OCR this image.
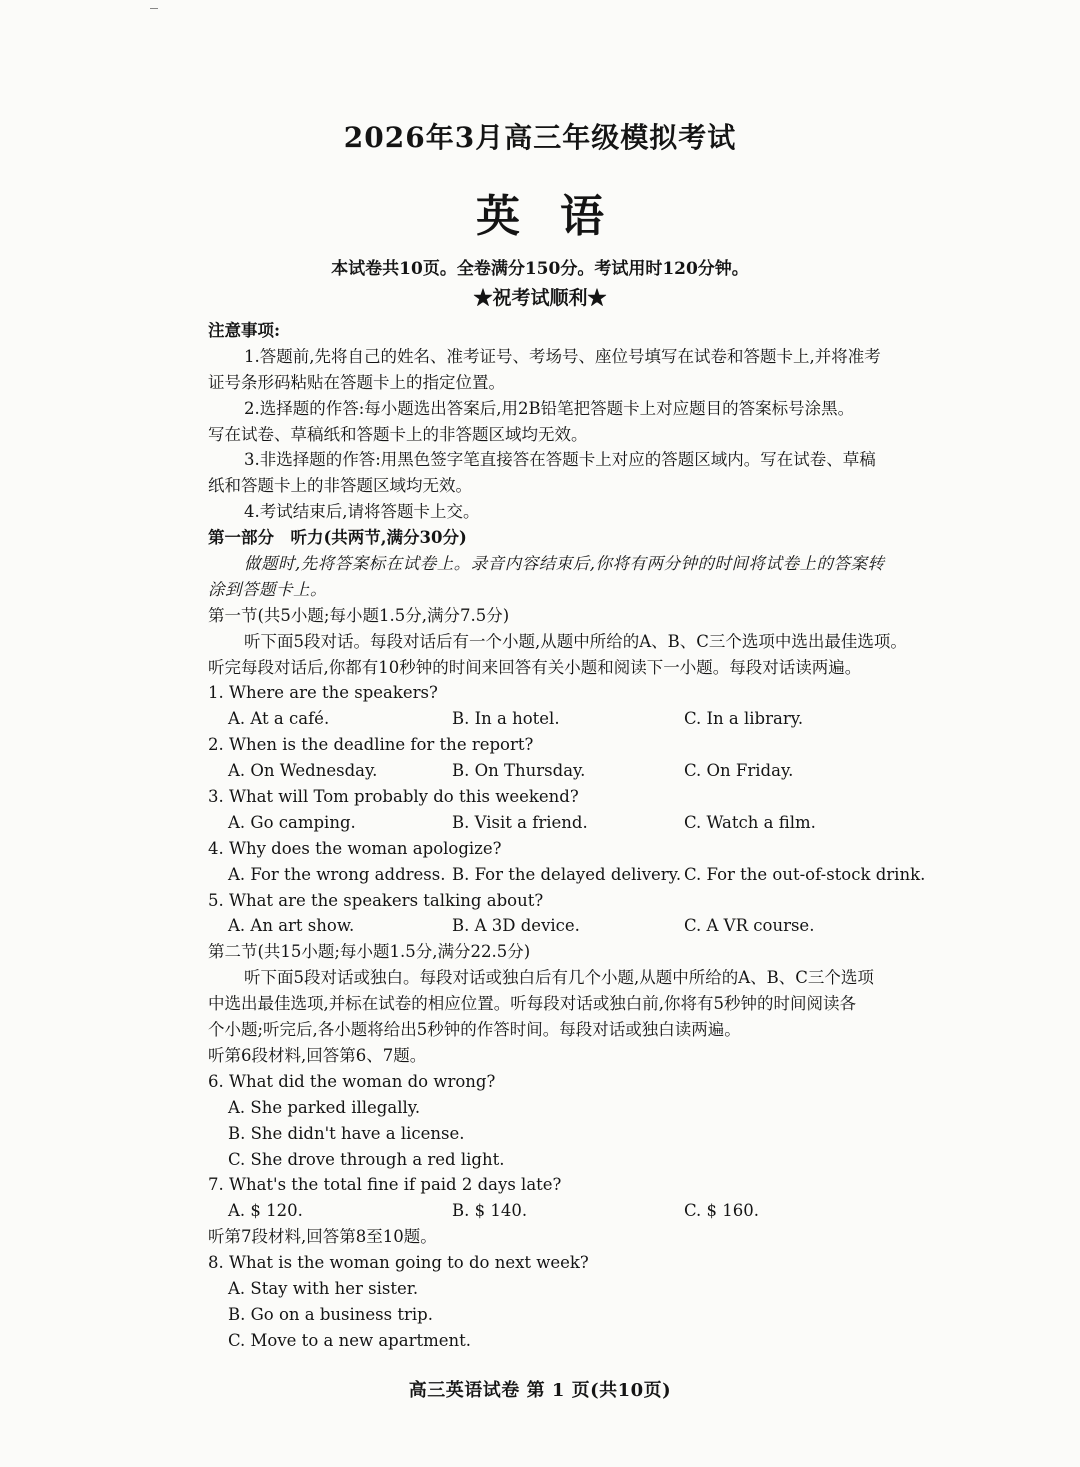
2026年3月高三年级模拟考试
英语
本试卷共10页。全卷满分150分。考试用时120分钟。
★祝考试顺利★
注意事项:
1.答题前,先将自己的姓名、准考证号、考场号、座位号填写在试卷和答题卡上,并将准考
证号条形码粘贴在答题卡上的指定位置。
2.选择题的作答:每小题选出答案后,用2B铅笔把答题卡上对应题目的答案标号涂黑。
写在试卷、草稿纸和答题卡上的非答题区域均无效。
3.非选择题的作答:用黑色签字笔直接答在答题卡上对应的答题区域内。写在试卷、草稿
纸和答题卡上的非答题区域均无效。
4.考试结束后,请将答题卡上交。
第一部分　听力(共两节,满分30分)
做题时,先将答案标在试卷上。录音内容结束后,你将有两分钟的时间将试卷上的答案转
涂到答题卡上。
第一节(共5小题;每小题1.5分,满分7.5分)
听下面5段对话。每段对话后有一个小题,从题中所给的A、B、C三个选项中选出最佳选项。
听完每段对话后,你都有10秒钟的时间来回答有关小题和阅读下一小题。每段对话读两遍。
1. Where are the speakers?
A. At a café.	B. In a hotel.	C. In a library.
2. When is the deadline for the report?
A. On Wednesday.	B. On Thursday.	C. On Friday.
3. What will Tom probably do this weekend?
A. Go camping.	B. Visit a friend.	C. Watch a film.
4. Why does the woman apologize?
A. For the wrong address. B. For the delayed delivery. C. For the out-of-stock drink.
5. What are the speakers talking about?
A. An art show.	B. A 3D device.	C. A VR course.
第二节(共15小题;每小题1.5分,满分22.5分)
听下面5段对话或独白。每段对话或独白后有几个小题,从题中所给的A、B、C三个选项
中选出最佳选项,并标在试卷的相应位置。听每段对话或独白前,你将有5秒钟的时间阅读各
个小题;听完后,各小题将给出5秒钟的作答时间。每段对话或独白读两遍。
听第6段材料,回答第6、7题。
6. What did the woman do wrong?
A. She parked illegally.
B. She didn't have a license.
C. She drove through a red light.
7. What's the total fine if paid 2 days late?
A. $ 120.	B. $ 140.	C. $ 160.
听第7段材料,回答第8至10题。
8. What is the woman going to do next week?
A. Stay with her sister.
B. Go on a business trip.
C. Move to a new apartment.
高三英语试卷 第 1 页(共10页)
